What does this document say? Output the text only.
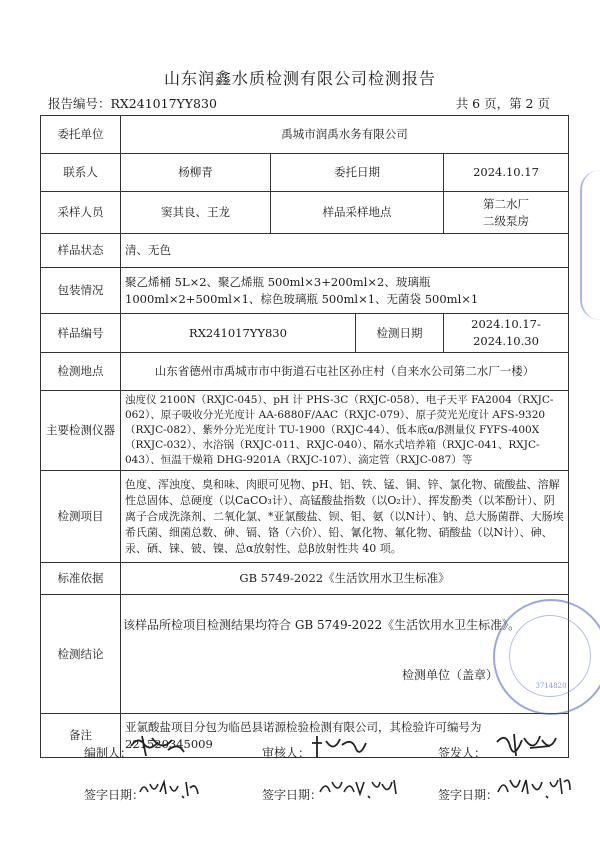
山东润鑫水质检测有限公司检测报告
报告编号：RX241017YY830	共 6 页，第 2 页
委托单位	禹城市润禹水务有限公司			
联系人	杨柳青	委托日期		2024.10.17
采样人员	窦其良、王龙	样品采样地点		第二水厂
二级泵房

样品状态	清、无色			
包装情况	聚乙烯桶 5L×2、聚乙烯瓶 500ml×3+200ml×2、玻璃瓶 1000ml×2+500ml×1、棕色玻璃瓶 500ml×1、无菌袋 500ml×1			
样品编号	RX241017YY830		检测日期	2024.10.17-2024.10.30
检测地点	山东省德州市禹城市市中街道石屯社区孙庄村（自来水公司第二水厂一楼）			
主要检测仪器	浊度仪 2100N（RXJC-045）、pH 计 PHS-3C（RXJC-058）、电子天平 FA2004（RXJC-062）、原子吸收分光光度计 AA-6880F/AAC（RXJC-079）、原子荧光光度计 AFS-9320（RXJC-082）、紫外分光光度计 TU-1900（RXJC-44）、低本底α/β测量仪 FYFS-400X（RXJC-032）、水浴锅（RXJC-011、RXJC-040）、隔水式培养箱（RXJC-041、RXJC-043）、恒温干燥箱 DHG-9201A（RXJC-107）、滴定管（RXJC-087）等			
检测项目	色度、浑浊度、臭和味、肉眼可见物、pH、铝、铁、锰、铜、锌、氯化物、硫酸盐、溶解性总固体、总硬度（以CaCO₃计）、高锰酸盐指数（以O₂计）、挥发酚类（以苯酚计）、阴离子合成洗涤剂、二氧化氯、*亚氯酸盐、钡、钼、氨（以N计）、钠、总大肠菌群、大肠埃希氏菌、细菌总数、砷、镉、铬（六价）、铅、氰化物、氟化物、硝酸盐（以N计）、砷、汞、硒、铼、铍、镍、总α放射性、总β放射性共 40 项。			
标准依据	GB 5749-2022《生活饮用水卫生标准》			
检测结论	该样品所检项目检测结果均符合 GB 5749-2022《生活饮用水卫生标准》。
检测单位（盖章）
3714820			

备注	亚氯酸盐项目分包为临邑县诺源检验检测有限公司，其检验许可编号为 221520345009			
编制人：	审核人：	签发人：
签字日期：	签字日期：	签字日期：
